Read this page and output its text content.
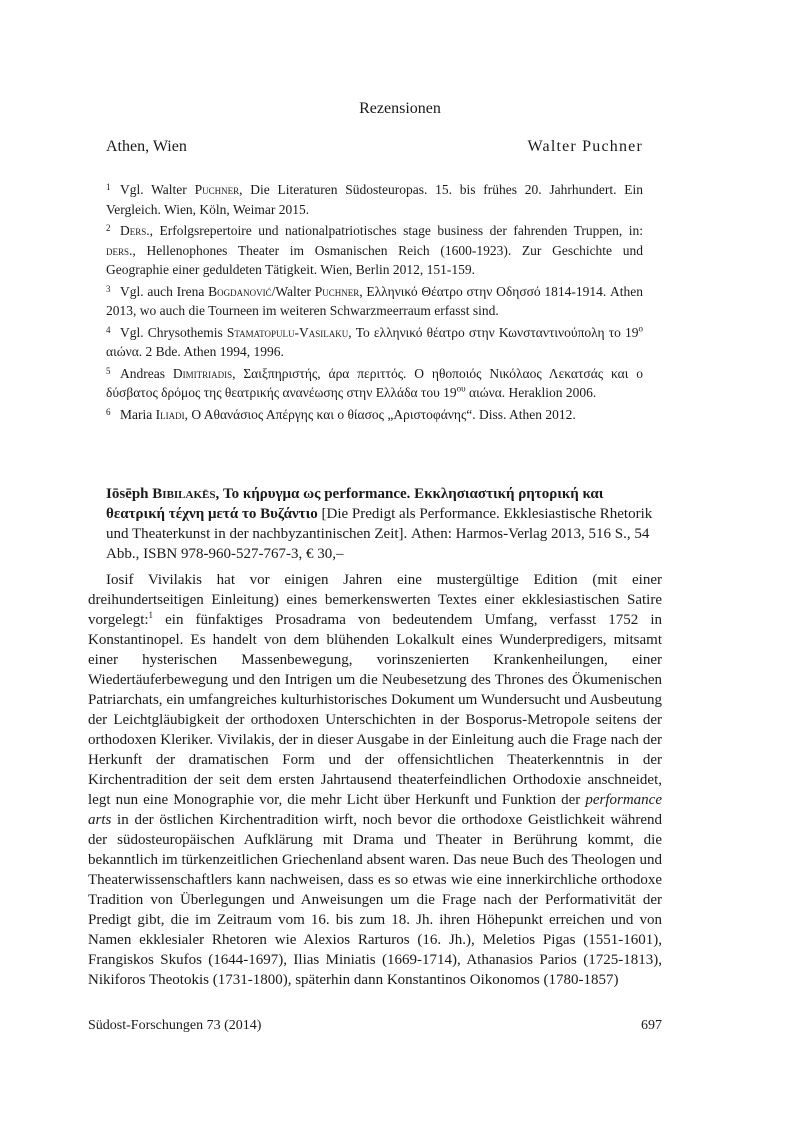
Rezensionen
Athen, Wien	Walter Puchner

1 Vgl. Walter Puchner, Die Literaturen Südosteuropas. 15. bis frühes 20. Jahrhundert. Ein Vergleich. Wien, Köln, Weimar 2015.

2 Ders., Erfolgsrepertoire und nationalpatriotisches stage business der fahrenden Truppen, in: ders., Hellenophones Theater im Osmanischen Reich (1600-1923). Zur Geschichte und Geographie einer geduldeten Tätigkeit. Wien, Berlin 2012, 151-159.

3 Vgl. auch Irena Bogdanović/Walter Puchner, Ελληνικό Θέατρο στην Οδησσό 1814-1914. Athen 2013, wo auch die Tourneen im weiteren Schwarzmeerraum erfasst sind.

4 Vgl. Chrysothemis Stamatopulu-Vasilaku, Το ελληνικό θέατρο στην Κωνσταντινούπολη το $19^o$ αιώνα. 2 Bde. Athen 1994, 1996.

5 Andreas Dimitriadis, Σαιξπηριστής, άρα περιττός. Ο ηθοποιός Νικόλαος Λεκατσάς και ο δύσβατος δρόμος της θεατρικής ανανέωσης στην Ελλάδα του $19^{o\upsilon}$ αιώνα. Heraklion 2006.

6 Maria Iliadi, Ο Αθανάσιος Απέργης και ο θίασος „Αριστοφάνης“. Diss. Athen 2012.

Iōsēph Bibilakēs, Το κήρυγμα ως performance. Εκκλησιαστική ρητορική και θεατρική τέχνη μετά το Βυζάντιο [Die Predigt als Performance. Ekklesiastische Rhetorik und Theaterkunst in der nachbyzantinischen Zeit]. Athen: Harmos-Verlag 2013, 516 S., 54 Abb., ISBN 978-960-527-767-3, € 30,–

Iosif Vivilakis hat vor einigen Jahren eine mustergültige Edition (mit einer dreihundertseitigen Einleitung) eines bemerkenswerten Textes einer ekklesiastischen Satire vorgelegt:$^1$ ein fünfaktiges Prosadrama von bedeutendem Umfang, verfasst 1752 in Konstantinopel. Es handelt von dem blühenden Lokalkult eines Wunderpredigers, mitsamt einer hysterischen Massenbewegung, vorinszenierten Krankenheilungen, einer Wiedertäuferbewegung und den Intrigen um die Neubesetzung des Thrones des Ökumenischen Patriarchats, ein umfangreiches kulturhistorisches Dokument um Wundersucht und Ausbeutung der Leichtgläubigkeit der orthodoxen Unterschichten in der Bosporus-Metropole seitens der orthodoxen Kleriker. Vivilakis, der in dieser Ausgabe in der Einleitung auch die Frage nach der Herkunft der dramatischen Form und der offensichtlichen Theaterkenntnis in der Kirchentradition der seit dem ersten Jahrtausend theaterfeindlichen Orthodoxie anschneidet, legt nun eine Monographie vor, die mehr Licht über Herkunft und Funktion der performance arts in der östlichen Kirchentradition wirft, noch bevor die orthodoxe Geistlichkeit während der südosteuropäischen Aufklärung mit Drama und Theater in Berührung kommt, die bekanntlich im türkenzeitlichen Griechenland absent waren. Das neue Buch des Theologen und Theaterwissenschaftlers kann nachweisen, dass es so etwas wie eine innerkirchliche orthodoxe Tradition von Überlegungen und Anweisungen um die Frage nach der Performativität der Predigt gibt, die im Zeitraum vom 16. bis zum 18. Jh. ihren Höhepunkt erreichen und von Namen ekklesialer Rhetoren wie Alexios Rarturos (16. Jh.), Meletios Pigas (1551-1601), Frangiskos Skufos (1644-1697), Ilias Miniatis (1669-1714), Athanasios Parios (1725-1813), Nikiforos Theotokis (1731-1800), späterhin dann Konstantinos Oikonomos (1780-1857)

Südost-Forschungen 73 (2014)	697
